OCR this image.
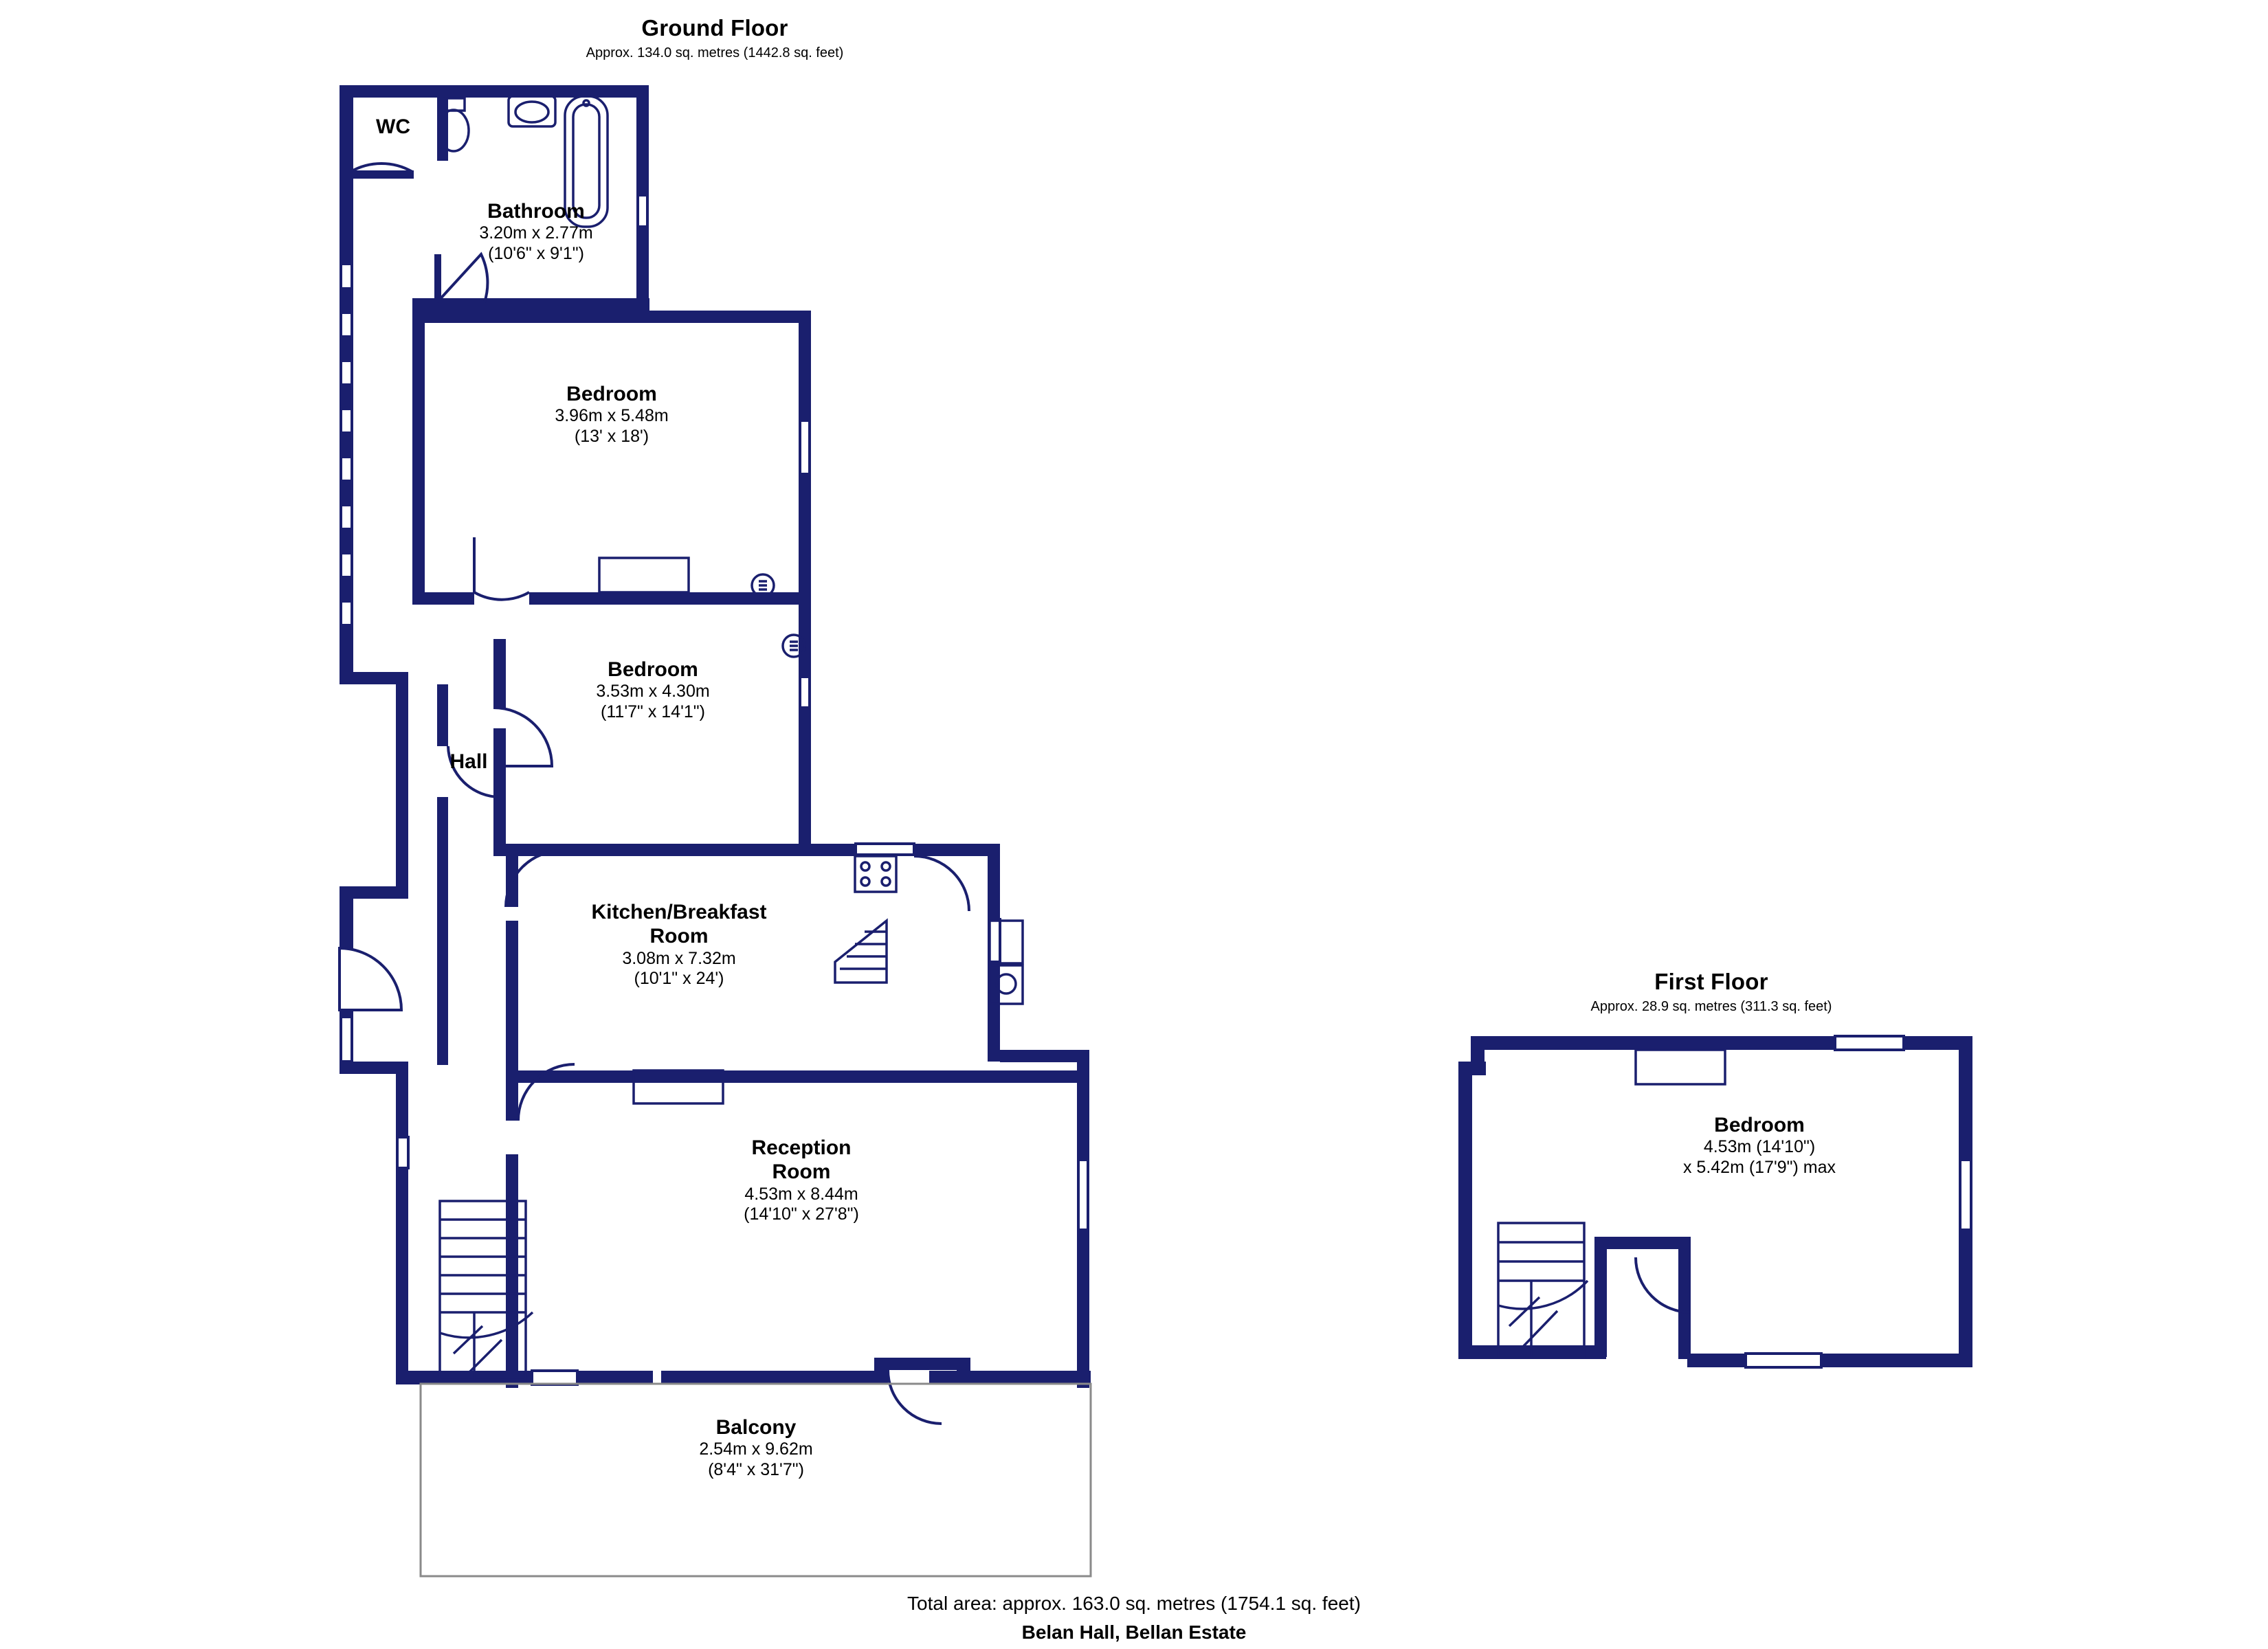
Ground Floor
Approx. 134.0 sq. metres (1442.8 sq. feet)
WC
Bathroom
3.20m x 2.77m
(10'6" x 9'1")
Bedroom
3.96m x 5.48m
(13' x 18')
Bedroom
3.53m x 4.30m
(11'7" x 14'1")
Hall
Kitchen/Breakfast
Room
3.08m x 7.32m
(10'1" x 24')
Reception
Room
4.53m x 8.44m
(14'10" x 27'8")
Balcony
2.54m x 9.62m
(8'4" x 31'7")
First Floor
Approx. 28.9 sq. metres (311.3 sq. feet)
Bedroom
4.53m (14'10")
x 5.42m (17'9") max
Total area: approx. 163.0 sq. metres (1754.1 sq. feet)
Belan Hall, Bellan Estate
